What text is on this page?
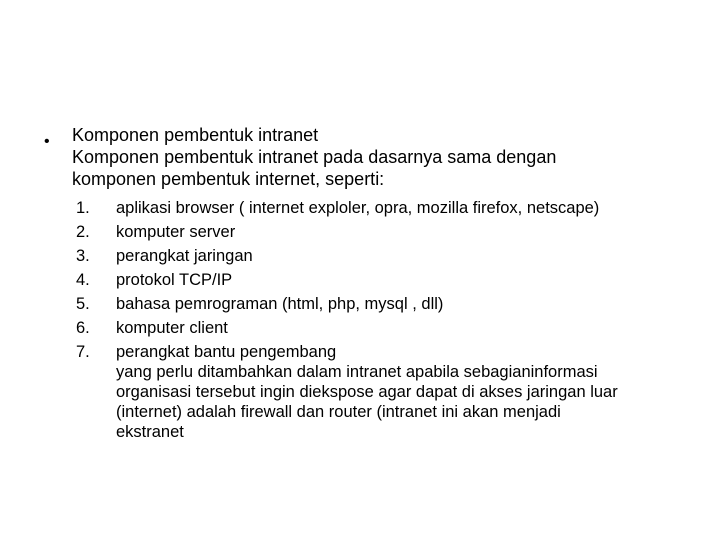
• Komponen pembentuk intranet
Komponen pembentuk intranet pada dasarnya sama dengan
komponen pembentuk internet, seperti:
1.	aplikasi browser ( internet exploler, opra, mozilla firefox, netscape)
2.	komputer server
3.	perangkat jaringan
4.	protokol TCP/IP
5.	bahasa pemrograman (html, php, mysql , dll)
6.	komputer client
7.	perangkat bantu pengembang
yang perlu ditambahkan dalam intranet apabila sebagianinformasi
organisasi tersebut ingin diekspose agar dapat di akses jaringan luar
(internet) adalah firewall dan router (intranet ini akan menjadi
ekstranet
